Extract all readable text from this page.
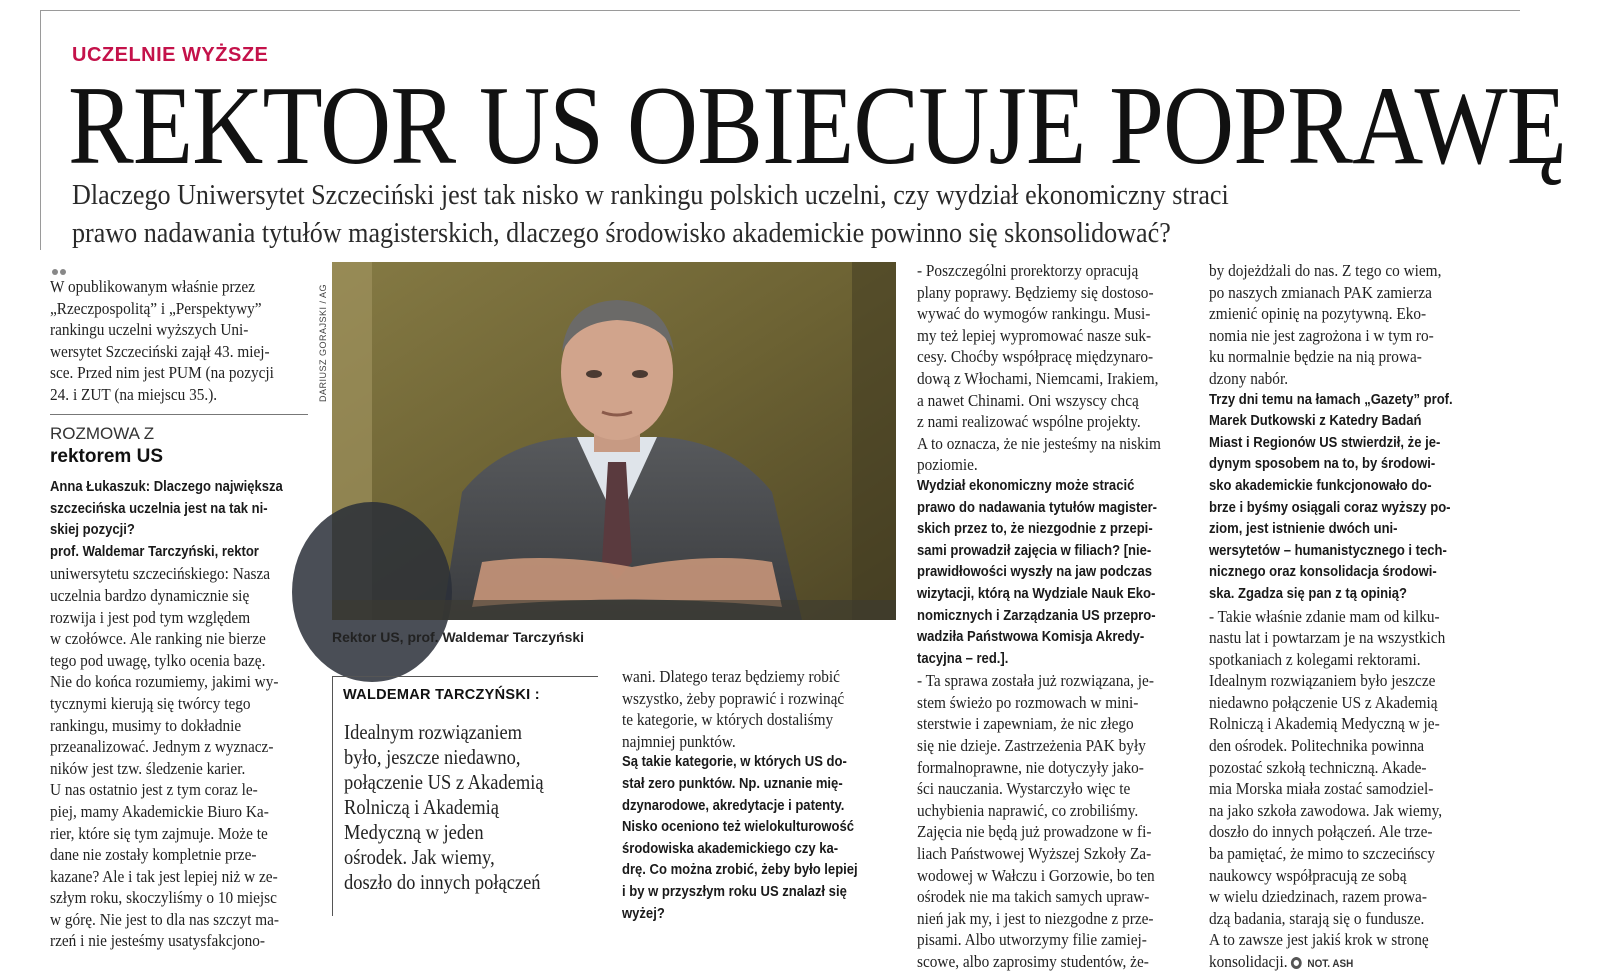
UCZELNIE WYŻSZE
REKTOR US OBIECUJE POPRAWĘ
Dlaczego Uniwersytet Szczeciński jest tak nisko w rankingu polskich uczelni, czy wydział ekonomiczny straci
prawo nadawania tytułów magisterskich, dlaczego środowisko akademickie powinno się skonsolidować?
W opublikowanym właśnie przez
„Rzeczpospolitą” i „Perspektywy”
rankingu uczelni wyższych Uni-
wersytet Szczeciński zajął 43. miej-
sce. Przed nim jest PUM (na pozycji
24. i ZUT (na miejscu 35.).
ROZMOWA Z
rektorem US
Anna Łukaszuk: Dlaczego największa
szczecińska uczelnia jest na tak ni-
skiej pozycji?
prof. Waldemar Tarczyński, rektor
uniwersytetu szczecińskiego: Nasza
uczelnia bardzo dynamicznie się
rozwija i jest pod tym względem
w czołówce. Ale ranking nie bierze
tego pod uwagę, tylko ocenia bazę.
Nie do końca rozumiemy, jakimi wy-
tycznymi kierują się twórcy tego
rankingu, musimy to dokładnie
przeanalizować. Jednym z wyznacz-
ników jest tzw. śledzenie karier.
U nas ostatnio jest z tym coraz le-
piej, mamy Akademickie Biuro Ka-
rier, które się tym zajmuje. Może te
dane nie zostały kompletnie prze-
kazane? Ale i tak jest lepiej niż w ze-
szłym roku, skoczyliśmy o 10 miejsc
w górę. Nie jest to dla nas szczyt ma-
rzeń i nie jesteśmy usatysfakcjono-
DARIUSZ GORAJSKI / AG
Rektor US, prof. Waldemar Tarczyński
WALDEMAR TARCZYŃSKI :
Idealnym rozwiązaniem
było, jeszcze niedawno,
połączenie US z Akademią
Rolniczą i Akademią
Medyczną w jeden
ośrodek. Jak wiemy,
doszło do innych połączeń
wani. Dlatego teraz będziemy robić
wszystko, żeby poprawić i rozwinąć
te kategorie, w których dostaliśmy
najmniej punktów.
Są takie kategorie, w których US do-
stał zero punktów. Np. uznanie mię-
dzynarodowe, akredytacje i patenty.
Nisko oceniono też wielokulturowość
środowiska akademickiego czy ka-
drę. Co można zrobić, żeby było lepiej
i by w przyszłym roku US znalazł się
wyżej?
- Poszczególni prorektorzy opracują
plany poprawy. Będziemy się dostoso-
wywać do wymogów rankingu. Musi-
my też lepiej wypromować nasze suk-
cesy. Choćby współpracę międzynaro-
dową z Włochami, Niemcami, Irakiem,
a nawet Chinami. Oni wszyscy chcą
z nami realizować wspólne projekty.
A to oznacza, że nie jesteśmy na niskim
poziomie.
Wydział ekonomiczny może stracić
prawo do nadawania tytułów magister-
skich przez to, że niezgodnie z przepi-
sami prowadził zajęcia w filiach? [nie-
prawidłowości wyszły na jaw podczas
wizytacji, którą na Wydziale Nauk Eko-
nomicznych i Zarządzania US przepro-
wadziła Państwowa Komisja Akredy-
tacyjna – red.].
- Ta sprawa została już rozwiązana, je-
stem świeżo po rozmowach w mini-
sterstwie i zapewniam, że nic złego
się nie dzieje. Zastrzeżenia PAK były
formalnoprawne, nie dotyczyły jako-
ści nauczania. Wystarczyło więc te
uchybienia naprawić, co zrobiliśmy.
Zajęcia nie będą już prowadzone w fi-
liach Państwowej Wyższej Szkoły Za-
wodowej w Wałczu i Gorzowie, bo ten
ośrodek nie ma takich samych upraw-
nień jak my, i jest to niezgodne z prze-
pisami. Albo utworzymy filie zamiej-
scowe, albo zaprosimy studentów, że-
by dojeżdżali do nas. Z tego co wiem,
po naszych zmianach PAK zamierza
zmienić opinię na pozytywną. Eko-
nomia nie jest zagrożona i w tym ro-
ku normalnie będzie na nią prowa-
dzony nabór.
Trzy dni temu na łamach „Gazety” prof.
Marek Dutkowski z Katedry Badań
Miast i Regionów US stwierdził, że je-
dynym sposobem na to, by środowi-
sko akademickie funkcjonowało do-
brze i byśmy osiągali coraz wyższy po-
ziom, jest istnienie dwóch uni-
wersytetów – humanistycznego i tech-
nicznego oraz konsolidacja środowi-
ska. Zgadza się pan z tą opinią?
- Takie właśnie zdanie mam od kilku-
nastu lat i powtarzam je na wszystkich
spotkaniach z kolegami rektorami.
Idealnym rozwiązaniem było jeszcze
niedawno połączenie US z Akademią
Rolniczą i Akademią Medyczną w je-
den ośrodek. Politechnika powinna
pozostać szkołą techniczną. Akade-
mia Morska miała zostać samodziel-
na jako szkoła zawodowa. Jak wiemy,
doszło do innych połączeń. Ale trze-
ba pamiętać, że mimo to szczecińscy
naukowcy współpracują ze sobą
w wielu dziedzinach, razem prowa-
dzą badania, starają się o fundusze.
A to zawsze jest jakiś krok w stronę
konsolidacji. NOT. ASH
